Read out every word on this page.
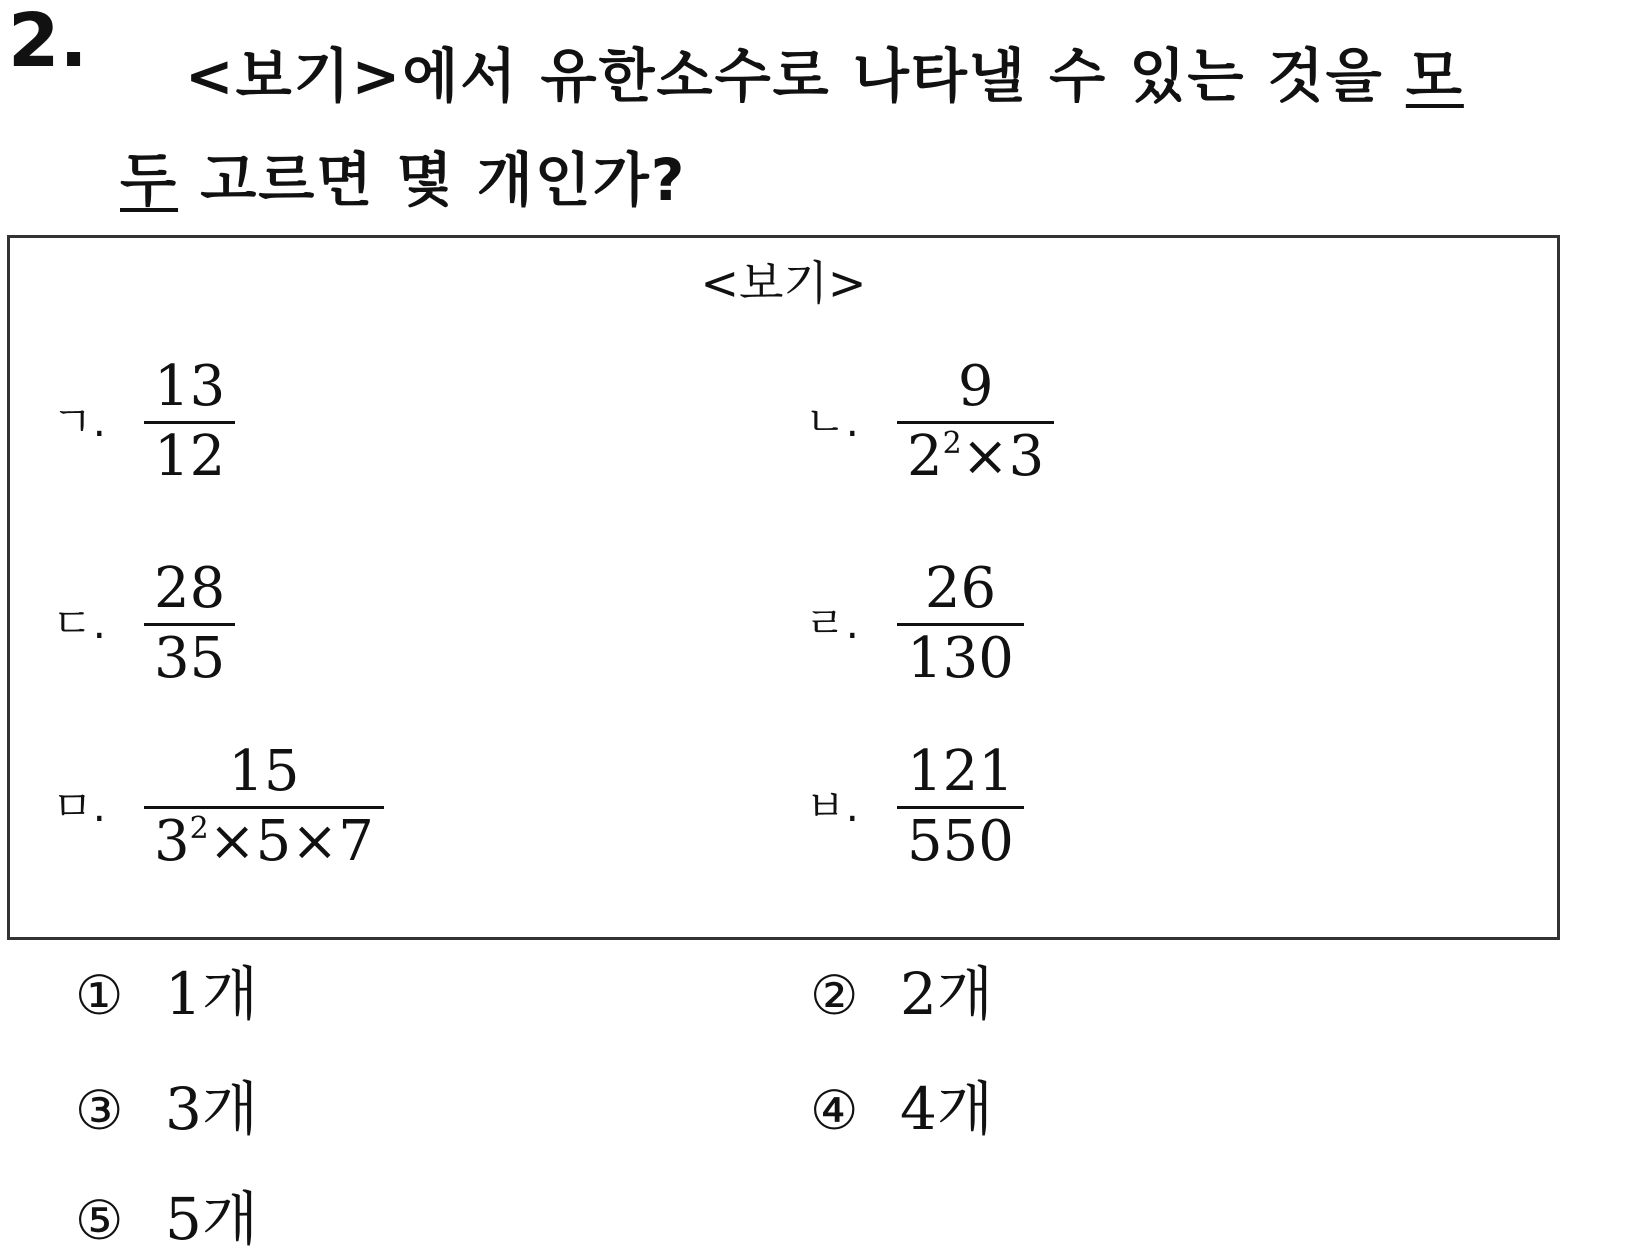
2. <보기>에서 유한소수로 나타낼 수 있는 것을 모
두 고르면 몇 개인가?
<보기>
ㄱ. $\frac{13}{12}$	ㄴ. $\frac{9}{2^2\times 3}$
ㄷ. $\frac{28}{35}$	ㄹ. $\frac{26}{130}$
ㅁ. $\frac{15}{3^2\times 5\times 7}$	ㅂ. $\frac{121}{550}$
① 1개	② 2개
③ 3개	④ 4개
⑤ 5개
